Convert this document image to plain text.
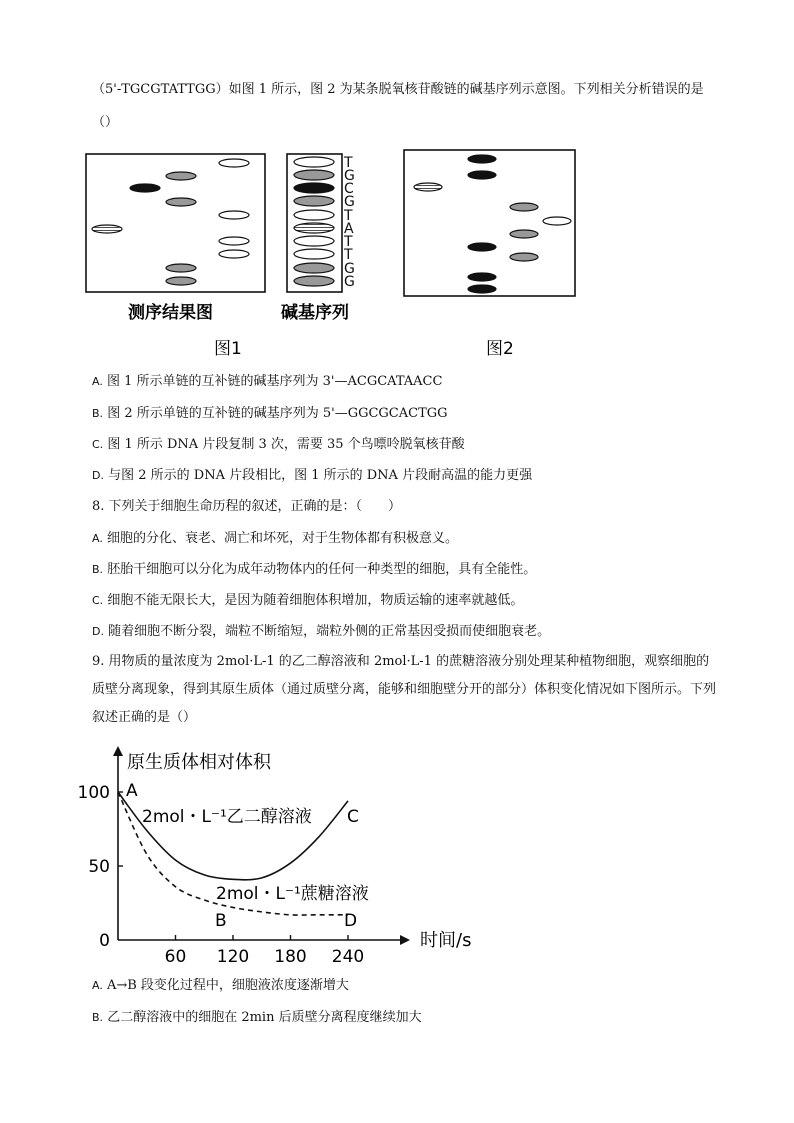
（5'-TGCGTATTGG）如图 1 所示，图 2 为某条脱氧核苷酸链的碱基序列示意图。下列相关分析错误的是
（）
T
G
C
G
T
A
T
T
G
G
测序结果图	碱基序列
图1	图2
A. 图 1 所示单链的互补链的碱基序列为 3'—ACGCATAACC
B. 图 2 所示单链的互补链的碱基序列为 5'—GGCGCACTGG
C. 图 1 所示 DNA 片段复制 3 次，需要 35 个鸟嘌呤脱氧核苷酸
D. 与图 2 所示的 DNA 片段相比，图 1 所示的 DNA 片段耐高温的能力更强
8. 下列关于细胞生命历程的叙述，正确的是：（　　）
A. 细胞的分化、衰老、凋亡和坏死，对于生物体都有积极意义。
B. 胚胎干细胞可以分化为成年动物体内的任何一种类型的细胞，具有全能性。
C. 细胞不能无限长大，是因为随着细胞体积增加，物质运输的速率就越低。
D. 随着细胞不断分裂，端粒不断缩短，端粒外侧的正常基因受损而使细胞衰老。
9. 用物质的量浓度为 2mol·L-1 的乙二醇溶液和 2mol·L-1 的蔗糖溶液分别处理某种植物细胞，观察细胞的质壁分离现象，得到其原生质体（通过质壁分离，能够和细胞壁分开的部分）体积变化情况如下图所示。下列叙述正确的是（）
原生质体相对体积
时间/s
60 120 180 240
0
50
100
2mol・L⁻¹乙二醇溶液
2mol・L⁻¹蔗糖溶液
A
B
C
D
A. A→B 段变化过程中，细胞液浓度逐渐增大
B. 乙二醇溶液中的细胞在 2min 后质壁分离程度继续加大
